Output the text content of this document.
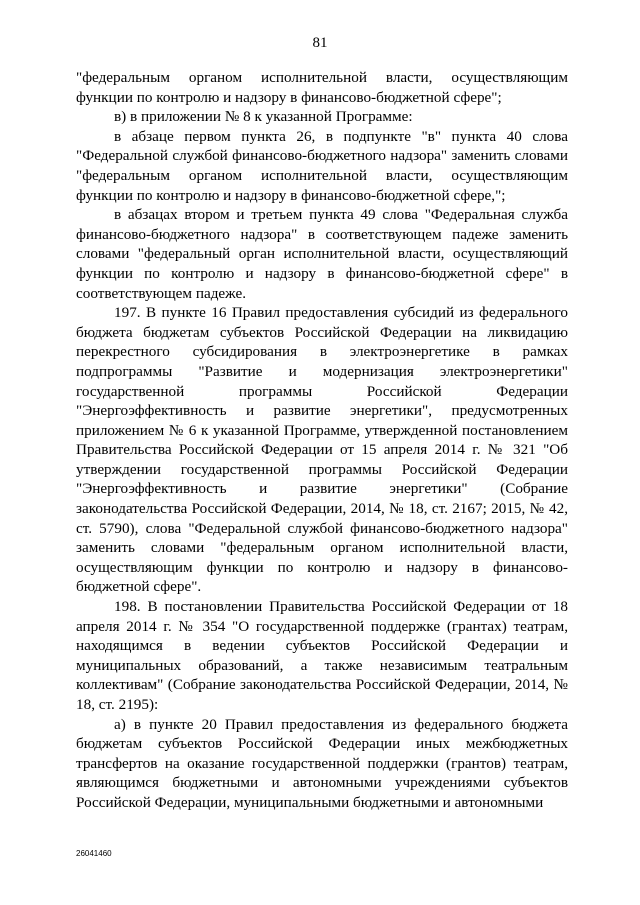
81

"федеральным органом исполнительной власти, осуществляющим функции по контролю и надзору в финансово-бюджетной сфере";

в) в приложении № 8 к указанной Программе:

в абзаце первом пункта 26, в подпункте "в" пункта 40 слова "Федеральной службой финансово-бюджетного надзора" заменить словами "федеральным органом исполнительной власти, осуществляющим функции по контролю и надзору в финансово-бюджетной сфере,";

в абзацах втором и третьем пункта 49 слова "Федеральная служба финансово-бюджетного надзора" в соответствующем падеже заменить словами "федеральный орган исполнительной власти, осуществляющий функции по контролю и надзору в финансово-бюджетной сфере" в соответствующем падеже.

197. В пункте 16 Правил предоставления субсидий из федерального бюджета бюджетам субъектов Российской Федерации на ликвидацию перекрестного субсидирования в электроэнергетике в рамках подпрограммы "Развитие и модернизация электроэнергетики" государственной программы Российской Федерации "Энергоэффективность и развитие энергетики", предусмотренных приложением № 6 к указанной Программе, утвержденной постановлением Правительства Российской Федерации от 15 апреля 2014 г. № 321 "Об утверждении государственной программы Российской Федерации "Энергоэффективность и развитие энергетики" (Собрание законодательства Российской Федерации, 2014, № 18, ст. 2167; 2015, № 42, ст. 5790), слова "Федеральной службой финансово-бюджетного надзора" заменить словами "федеральным органом исполнительной власти, осуществляющим функции по контролю и надзору в финансово-бюджетной сфере".

198. В постановлении Правительства Российской Федерации от 18 апреля 2014 г. № 354 "О государственной поддержке (грантах) театрам, находящимся в ведении субъектов Российской Федерации и муниципальных образований, а также независимым театральным коллективам" (Собрание законодательства Российской Федерации, 2014, № 18, ст. 2195):

а) в пункте 20 Правил предоставления из федерального бюджета бюджетам субъектов Российской Федерации иных межбюджетных трансфертов на оказание государственной поддержки (грантов) театрам, являющимся бюджетными и автономными учреждениями субъектов Российской Федерации, муниципальными бюджетными и автономными

26041460
